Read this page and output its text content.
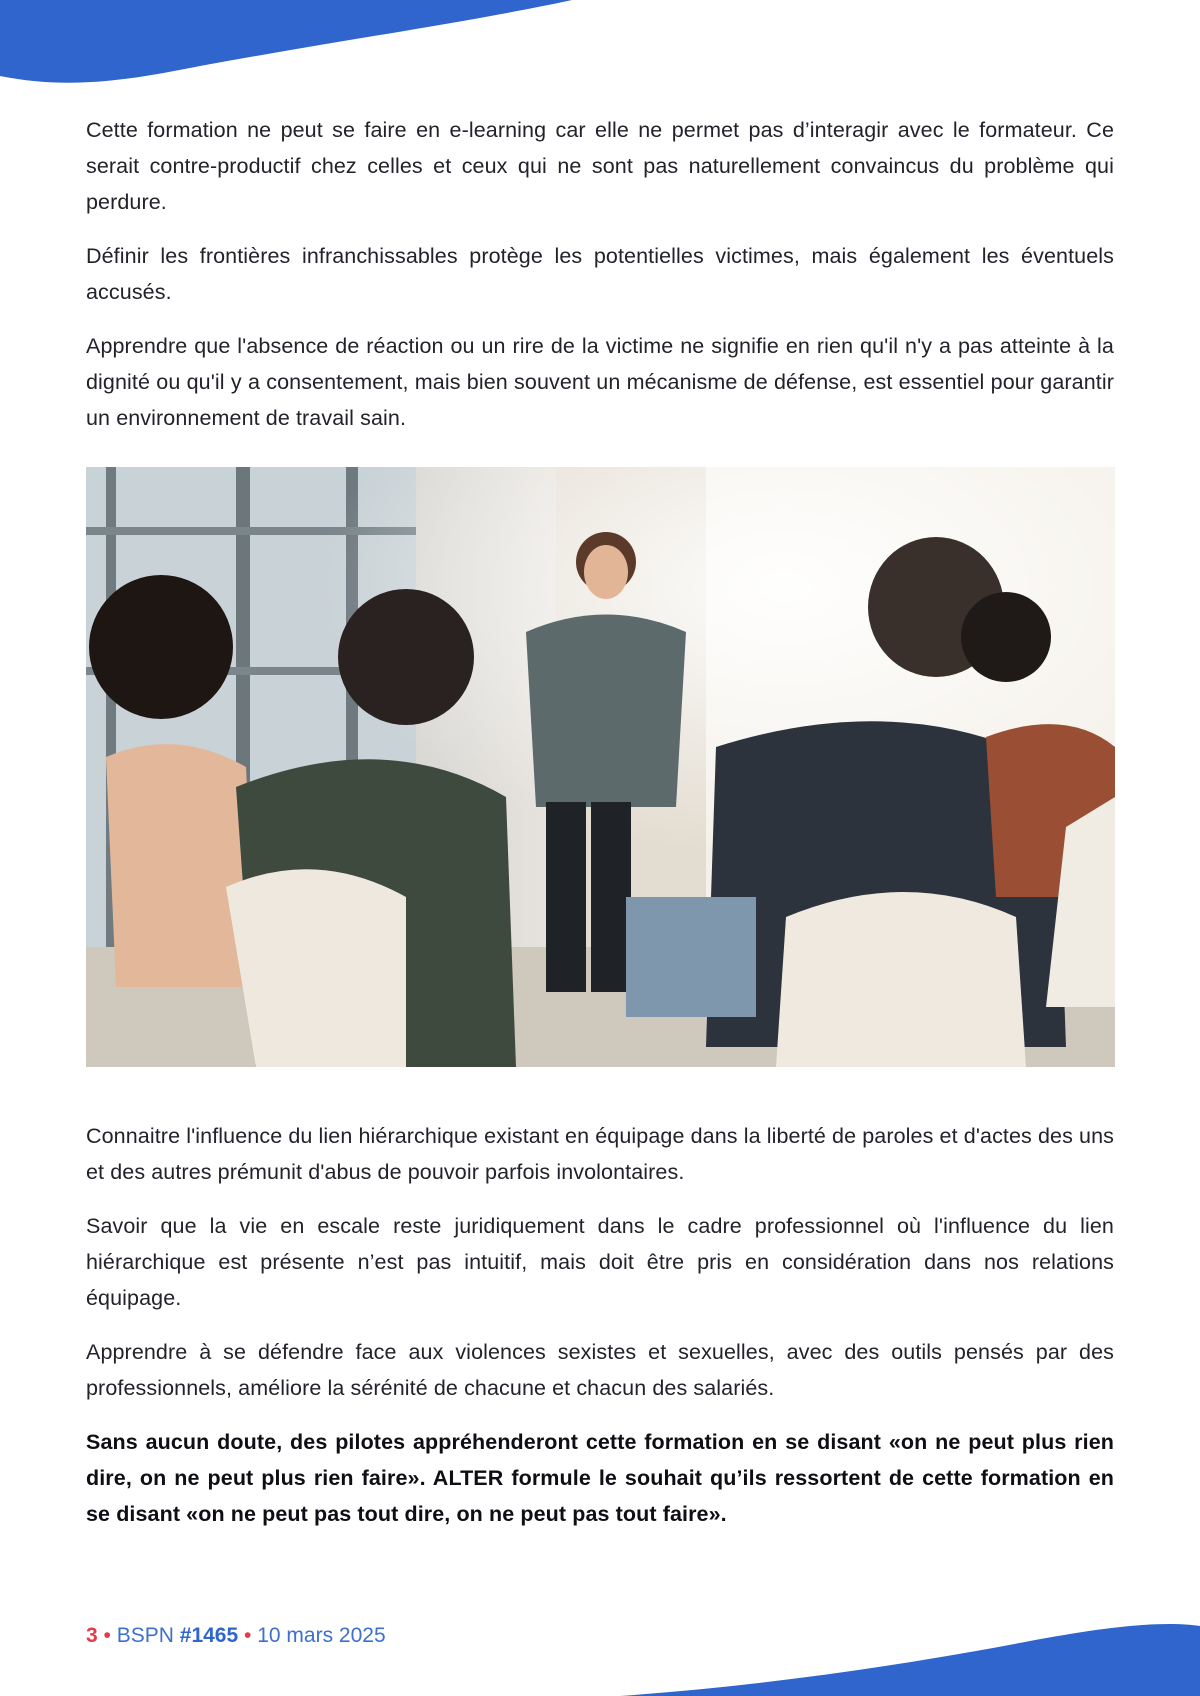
Cette formation ne peut se faire en e-learning car elle ne permet pas d’interagir avec le formateur. Ce serait contre-productif chez celles et ceux qui ne sont pas naturellement convaincus du problème qui perdure.

Définir les frontières infranchissables protège les potentielles victimes, mais également les éventuels accusés.

Apprendre que l'absence de réaction ou un rire de la victime ne signifie en rien qu'il n'y a pas atteinte à la dignité ou qu'il y a consentement, mais bien souvent un mécanisme de défense, est essentiel pour garantir un environnement de travail sain.

Connaitre l'influence du lien hiérarchique existant en équipage dans la liberté de paroles et d'actes des uns et des autres prémunit d'abus de pouvoir parfois involontaires.

Savoir que la vie en escale reste juridiquement dans le cadre professionnel où l'influence du lien hiérarchique est présente n’est pas intuitif, mais doit être pris en considération dans nos relations équipage.

Apprendre à se défendre face aux violences sexistes et sexuelles, avec des outils pensés par des professionnels, améliore la sérénité de chacune et chacun des salariés.

Sans aucun doute, des pilotes appréhenderont cette formation en se disant «on ne peut plus rien dire, on ne peut plus rien faire». ALTER formule le souhait qu’ils ressortent de cette formation en se disant «on ne peut pas tout dire, on ne peut pas tout faire».

3 • BSPN #1465 • 10 mars 2025
